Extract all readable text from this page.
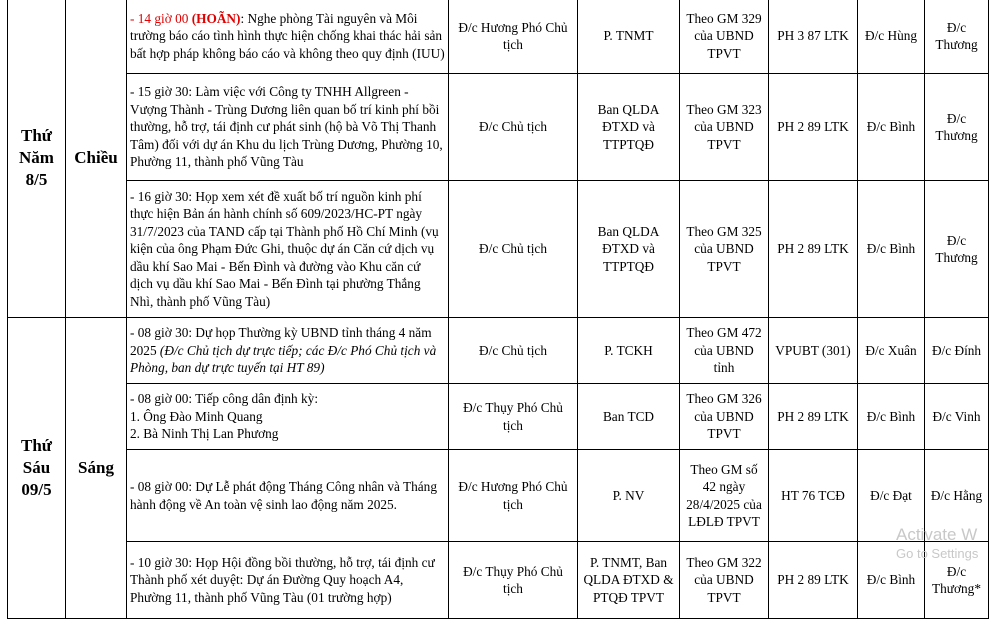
Thứ
Năm
8/5	Chiều	- 14 giờ 00 (HOÃN): Nghe phòng Tài nguyên và Môi trường báo cáo tình hình thực hiện chống khai thác hải sản bất hợp pháp không báo cáo và không theo quy định (IUU)	Đ/c Hương Phó Chủ tịch	P. TNMT	Theo GM 329 của UBND TPVT	PH 3 87 LTK	Đ/c Hùng	Đ/c Thương
		- 15 giờ 30: Làm việc với Công ty TNHH Allgreen - Vượng Thành - Trùng Dương liên quan bố trí kinh phí bồi thường, hỗ trợ, tái định cư phát sinh (hộ bà Võ Thị Thanh Tâm) đối với dự án Khu du lịch Trùng Dương, Phường 10, Phường 11, thành phố Vũng Tàu	Đ/c Chủ tịch	Ban QLDA ĐTXD và TTPTQĐ	Theo GM 323 của UBND TPVT	PH 2 89 LTK	Đ/c Bình	Đ/c Thương
		- 16 giờ 30: Họp xem xét đề xuất bố trí nguồn kinh phí thực hiện Bản án hành chính số 609/2023/HC-PT ngày 31/7/2023 của TAND cấp tại Thành phố Hồ Chí Minh (vụ kiện của ông Phạm Đức Ghi, thuộc dự án Căn cứ dịch vụ dầu khí Sao Mai - Bến Đình và đường vào Khu căn cứ dịch vụ dầu khí Sao Mai - Bến Đình tại phường Thắng Nhì, thành phố Vũng Tàu)	Đ/c Chủ tịch	Ban QLDA ĐTXD và TTPTQĐ	Theo GM 325 của UBND TPVT	PH 2 89 LTK	Đ/c Bình	Đ/c Thương

Thứ
Sáu
09/5	Sáng	- 08 giờ 30: Dự họp Thường kỳ UBND tỉnh tháng 4 năm 2025 (Đ/c Chủ tịch dự trực tiếp; các Đ/c Phó Chủ tịch và Phòng, ban dự trực tuyến tại HT 89)	Đ/c Chủ tịch	P. TCKH	Theo GM 472 của UBND tỉnh	VPUBT (301)	Đ/c Xuân	Đ/c Đính

		- 08 giờ 00: Tiếp công dân định kỳ:
1. Ông Đào Minh Quang
2. Bà Ninh Thị Lan Phương	Đ/c Thụy Phó Chủ tịch	Ban TCD	Theo GM 326 của UBND TPVT	PH 2 89 LTK	Đ/c Bình	Đ/c Vinh
		- 08 giờ 00: Dự Lễ phát động Tháng Công nhân và Tháng hành động về An toàn vệ sinh lao động năm 2025.	Đ/c Hương Phó Chủ tịch	P. NV	Theo GM số 42 ngày 28/4/2025 của LĐLĐ TPVT	HT 76 TCĐ	Đ/c Đạt	Đ/c Hằng
		- 10 giờ 30: Họp Hội đồng bồi thường, hỗ trợ, tái định cư Thành phố xét duyệt: Dự án Đường Quy hoạch A4, Phường 11, thành phố Vũng Tàu (01 trường hợp)	Đ/c Thụy Phó Chủ tịch	P. TNMT, Ban QLDA ĐTXD & PTQĐ TPVT	Theo GM 322 của UBND TPVT	PH 2 89 LTK	Đ/c Bình	Đ/c Thương*
Activate W
Go to Settings
